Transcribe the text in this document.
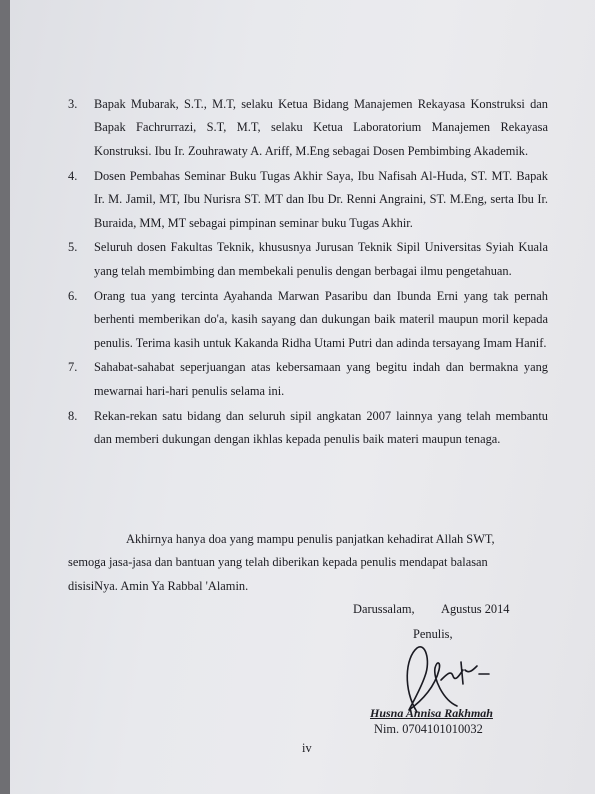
3. Bapak Mubarak, S.T., M.T, selaku Ketua Bidang Manajemen Rekayasa Konstruksi dan Bapak Fachrurrazi, S.T, M.T, selaku Ketua Laboratorium Manajemen Rekayasa Konstruksi. Ibu Ir. Zouhrawaty A. Ariff, M.Eng sebagai Dosen Pembimbing Akademik.
4. Dosen Pembahas Seminar Buku Tugas Akhir Saya, Ibu Nafisah Al-Huda, ST. MT. Bapak Ir. M. Jamil, MT, Ibu Nurisra ST. MT dan Ibu Dr. Renni Angraini, ST. M.Eng, serta Ibu Ir. Buraida, MM, MT sebagai pimpinan seminar buku Tugas Akhir.
5. Seluruh dosen Fakultas Teknik, khususnya Jurusan Teknik Sipil Universitas Syiah Kuala yang telah membimbing dan membekali penulis dengan berbagai ilmu pengetahuan.
6. Orang tua yang tercinta Ayahanda Marwan Pasaribu dan Ibunda Erni yang tak pernah berhenti memberikan do'a, kasih sayang dan dukungan baik materil maupun moril kepada penulis. Terima kasih untuk Kakanda Ridha Utami Putri dan adinda tersayang Imam Hanif.
7. Sahabat-sahabat seperjuangan atas kebersamaan yang begitu indah dan bermakna yang mewarnai hari-hari penulis selama ini.
8. Rekan-rekan satu bidang dan seluruh sipil angkatan 2007 lainnya yang telah membantu dan memberi dukungan dengan ikhlas kepada penulis baik materi maupun tenaga.

Akhirnya hanya doa yang mampu penulis panjatkan kehadirat Allah SWT,

semoga jasa-jasa dan bantuan yang telah diberikan kepada penulis mendapat balasan

disisiNya. Amin Ya Rabbal 'Alamin.

Darussalam, Agustus 2014
Penulis,
Husna Annisa Rakhmah
Nim. 0704101010032
iv
